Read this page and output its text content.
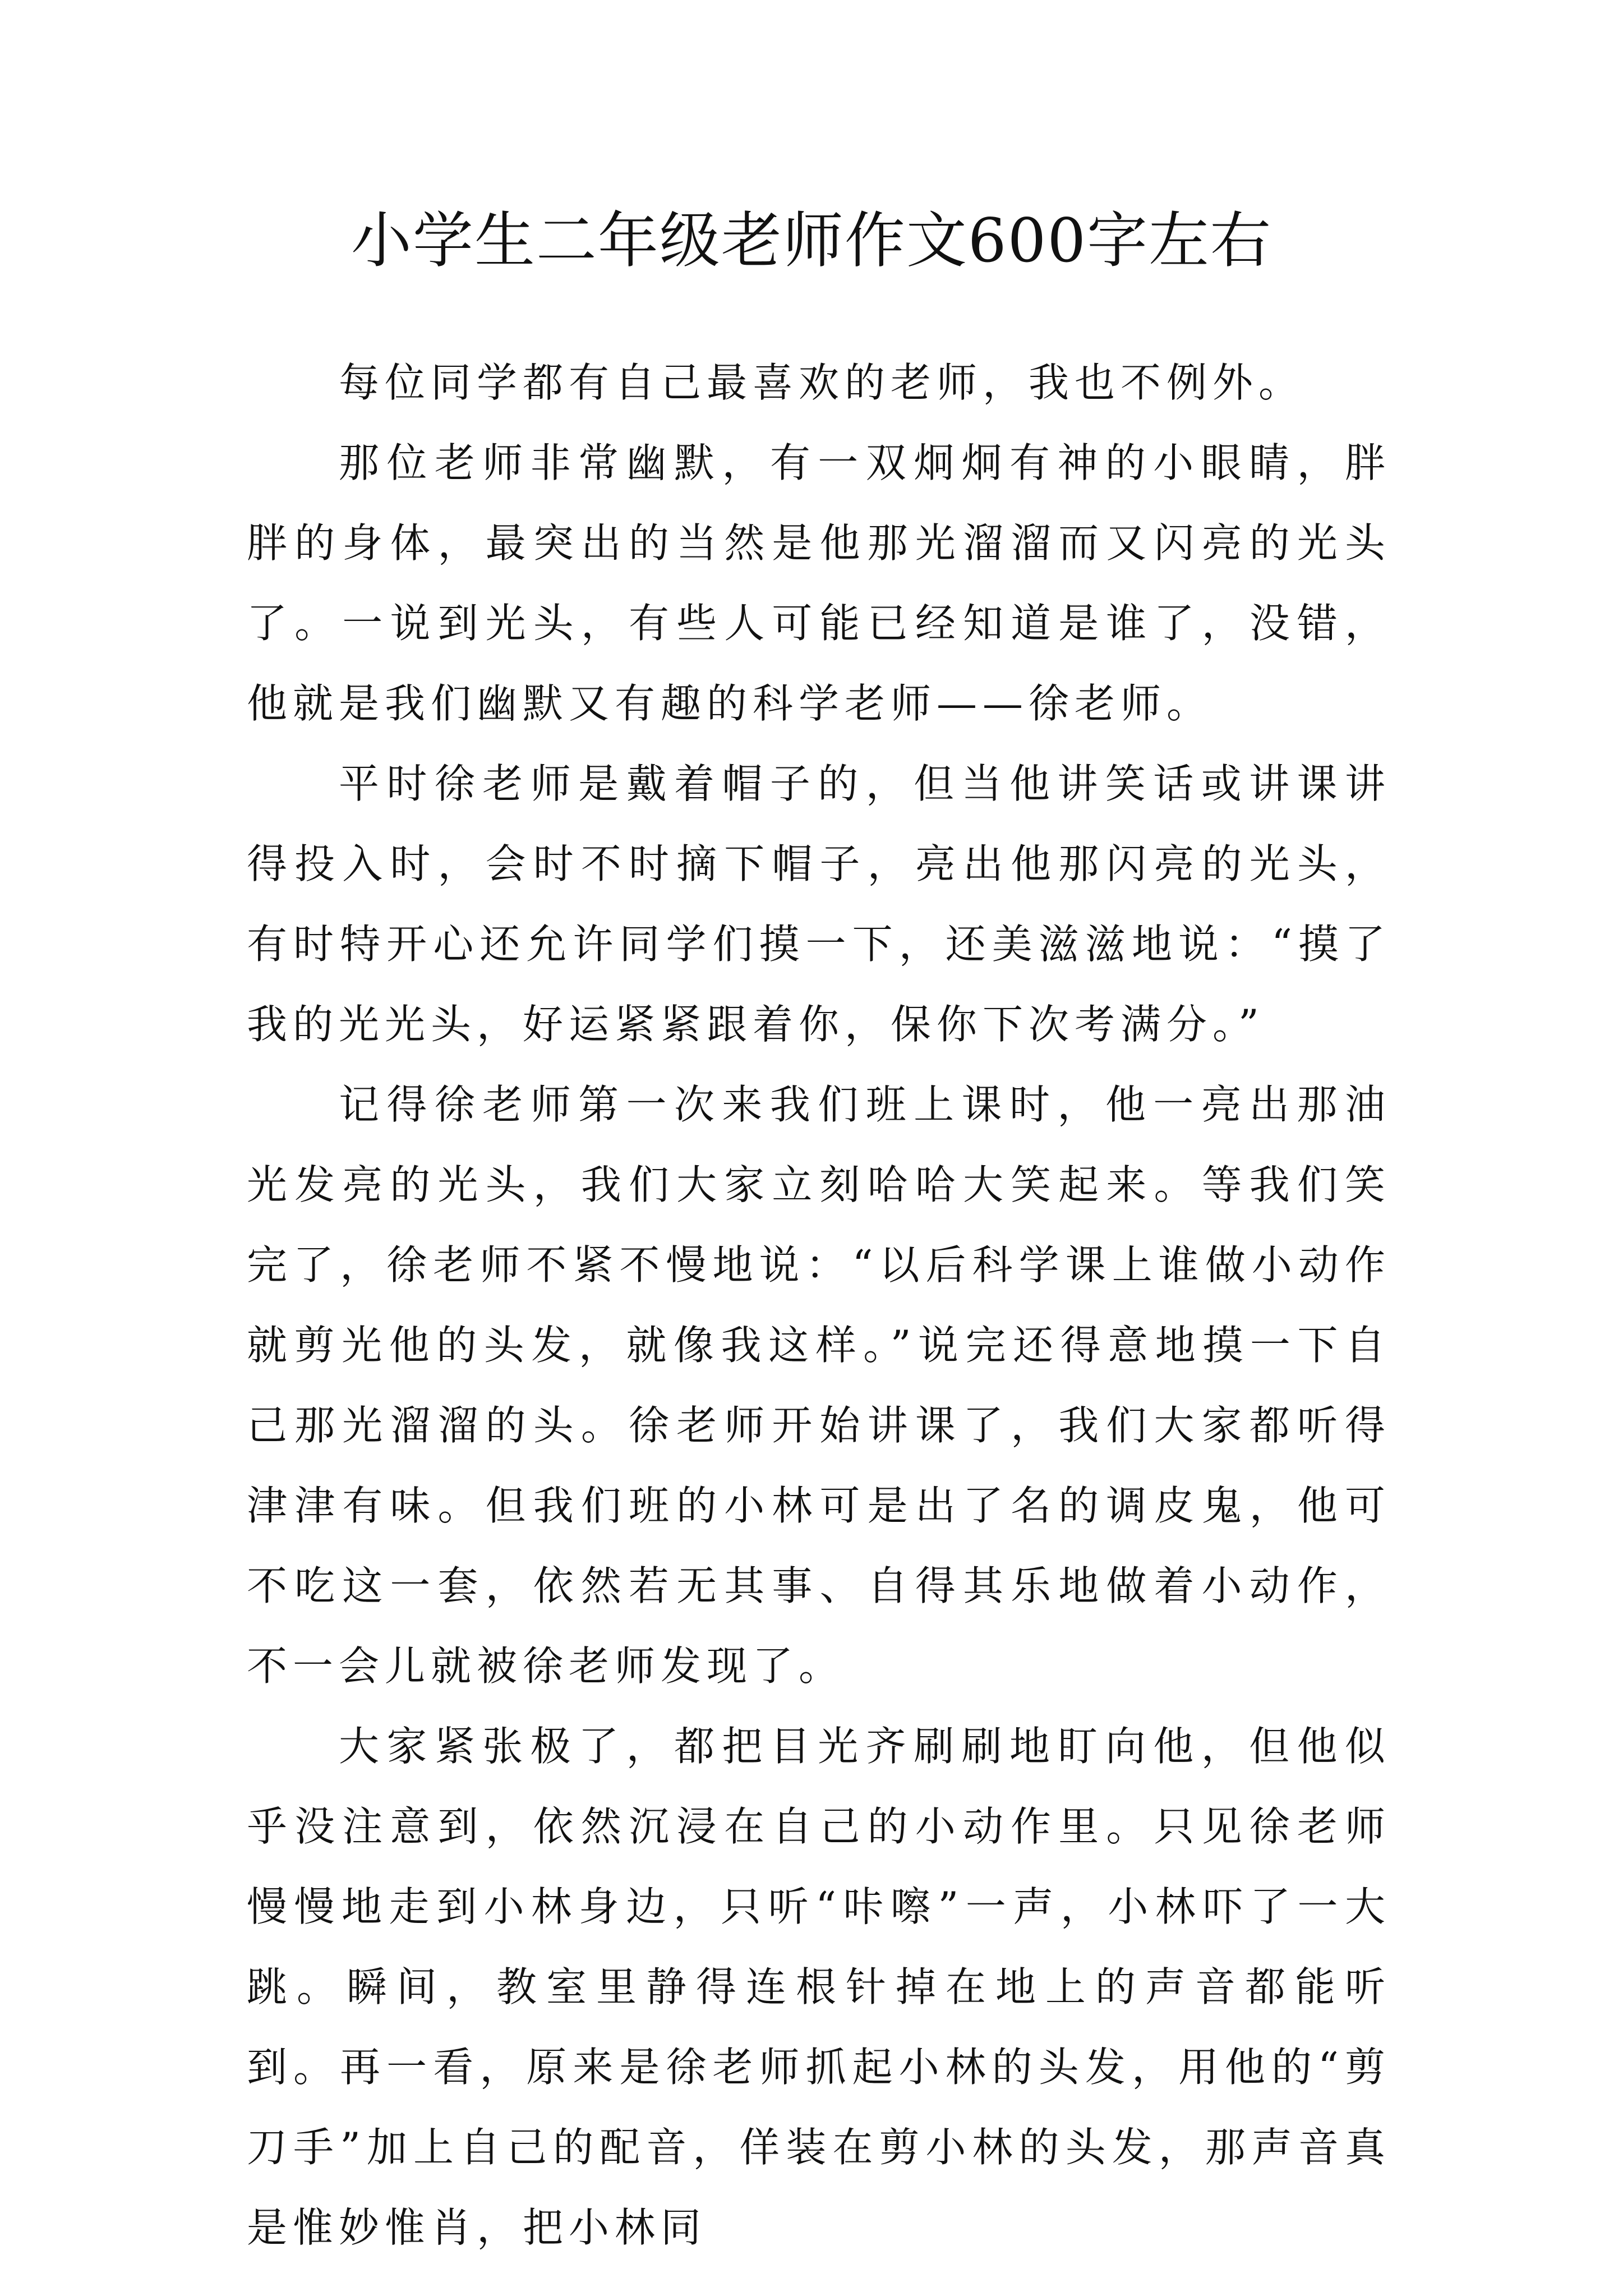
小学生二年级老师作文600字左右

每位同学都有自己最喜欢的老师，我也不例外。

那位老师非常幽默，有一双炯炯有神的小眼睛，胖胖的身体，最突出的当然是他那光溜溜而又闪亮的光头了。一说到光头，有些人可能已经知道是谁了，没错，他就是我们幽默又有趣的科学老师——徐老师。

平时徐老师是戴着帽子的，但当他讲笑话或讲课讲得投入时，会时不时摘下帽子，亮出他那闪亮的光头，有时特开心还允许同学们摸一下，还美滋滋地说：“摸了我的光光头，好运紧紧跟着你，保你下次考满分。”

记得徐老师第一次来我们班上课时，他一亮出那油光发亮的光头，我们大家立刻哈哈大笑起来。等我们笑完了，徐老师不紧不慢地说：“以后科学课上谁做小动作就剪光他的头发，就像我这样。”说完还得意地摸一下自己那光溜溜的头。徐老师开始讲课了，我们大家都听得津津有味。但我们班的小林可是出了名的调皮鬼，他可不吃这一套，依然若无其事、自得其乐地做着小动作，不一会儿就被徐老师发现了。

大家紧张极了，都把目光齐刷刷地盯向他，但他似乎没注意到，依然沉浸在自己的小动作里。只见徐老师慢慢地走到小林身边，只听“咔嚓”一声，小林吓了一大跳。瞬间，教室里静得连根针掉在地上的声音都能听到。再一看，原来是徐老师抓起小林的头发，用他的“剪刀手”加上自己的配音，佯装在剪小林的头发，那声音真是惟妙惟肖，把小林同
